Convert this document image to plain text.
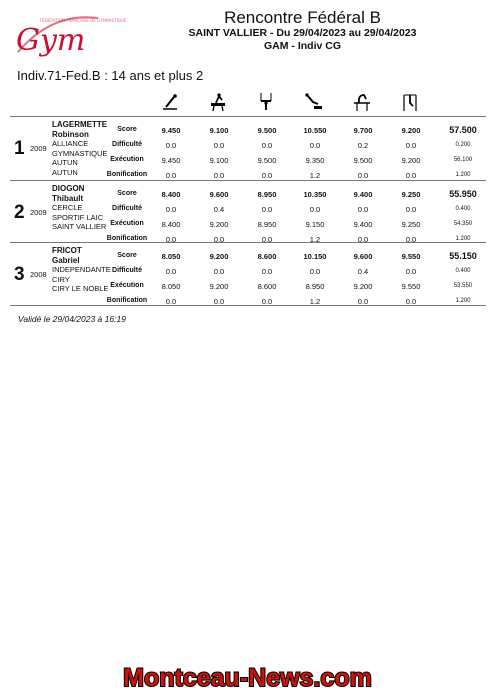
Gym
FÉDÉRATION FRANÇAISE DE GYMNASTIQUE	Rencontre Fédéral B
SAINT VALLIER - Du 29/04/2023 au 29/04/2023
GAM - Indiv CG
Indiv.71-Fed.B : 14 ans et plus 2
1 2009
LAGERMETTE
Robinson
ALLIANCE
GYMNASTIQUE
AUTUN
AUTUN
Score	9.450	9.100	9.500	10.550	9.700	9.200	57.500
Difficulté	0.0	0.0	0.0	0.0	0.2	0.0	0.200
Exécution	9.450	9.100	9.500	9.350	9.500	9.200	56.100
Bonification	0.0	0.0	0.0	1.2	0.0	0.0	1.200
2 2009
DIOGON
Thibault
CERCLE
SPORTIF LAIC
SAINT VALLIER
Score	8.400	9.600	8.950	10.350	9.400	9.250	55.950
Difficulté	0.0	0.4	0.0	0.0	0.0	0.0	0.400
Exécution	8.400	9.200	8.950	9.150	9.400	9.250	54.350
Bonification	0.0	0.0	0.0	1.2	0.0	0.0	1.200
3 2008
FRICOT
Gabriel
INDEPENDANTE
CIRY
CIRY LE NOBLE
Score	8.050	9.200	8.600	10.150	9.600	9.550	55.150
Difficulté	0.0	0.0	0.0	0.0	0.4	0.0	0.400
Exécution	8.050	9.200	8.600	8.950	9.200	9.550	53.550
Bonification	0.0	0.0	0.0	1.2	0.0	0.0	1.200
Validé le 29/04/2023 à 16:19
Montceau-News.com
